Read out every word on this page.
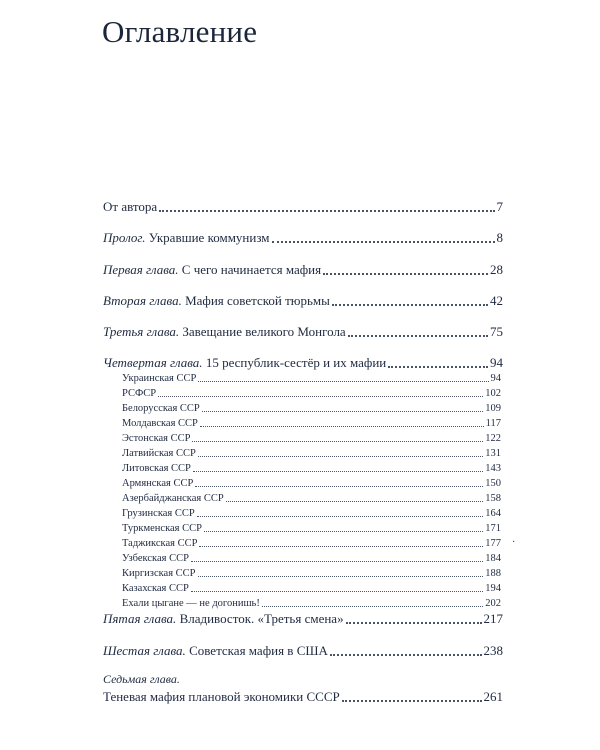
Оглавление
От автора	7
Пролог. Укравшие коммунизм	8
Первая глава. С чего начинается мафия	28
Вторая глава. Мафия советской тюрьмы	42
Третья глава. Завещание великого Монгола	75
Четвертая глава. 15 республик-сестёр и их мафии	94
Украинская ССР	94
РСФСР	102
Белорусская ССР	109
Молдавская ССР	117
Эстонская ССР	122
Латвийская ССР	131
Литовская ССР	143
Армянская ССР	150
Азербайджанская ССР	158
Грузинская ССР	164
Туркменская ССР	171
Таджикская ССР	177
Узбекская ССР	184
Киргизская ССР	188
Казахская ССР	194
Ехали цыгане — не догонишь!	202
Пятая глава. Владивосток. «Третья смена»	217
Шестая глава. Советская мафия в США	238
Седьмая глава.
Теневая мафия плановой экономики СССР	261
·
